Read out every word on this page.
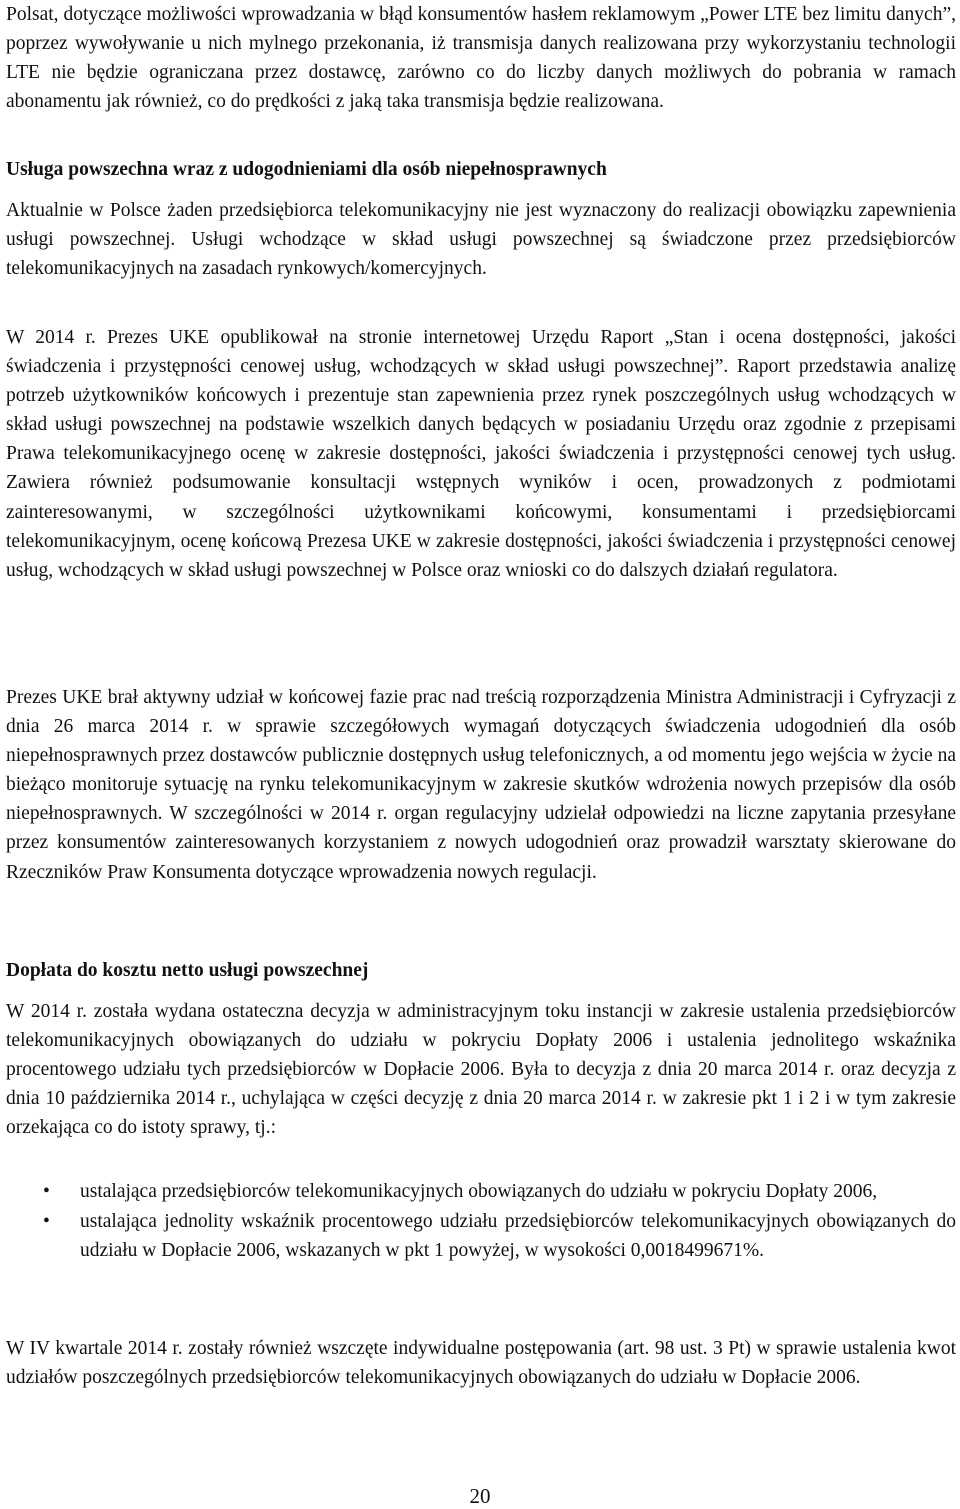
Polsat, dotyczące możliwości wprowadzania w błąd konsumentów hasłem reklamowym „Power LTE bez limitu danych”, poprzez wywoływanie u nich mylnego przekonania, iż transmisja danych realizowana przy wykorzystaniu technologii LTE nie będzie ograniczana przez dostawcę, zarówno co do liczby danych możliwych do pobrania w ramach abonamentu jak również, co do prędkości z jaką taka transmisja będzie realizowana.

Usługa powszechna wraz z udogodnieniami dla osób niepełnosprawnych

Aktualnie w Polsce żaden przedsiębiorca telekomunikacyjny nie jest wyznaczony do realizacji obowiązku zapewnienia usługi powszechnej. Usługi wchodzące w skład usługi powszechnej są świadczone przez przedsiębiorców telekomunikacyjnych na zasadach rynkowych/komercyjnych.

W 2014 r. Prezes UKE opublikował na stronie internetowej Urzędu Raport „Stan i ocena dostępności, jakości świadczenia i przystępności cenowej usług, wchodzących w skład usługi powszechnej”. Raport przedstawia analizę potrzeb użytkowników końcowych i prezentuje stan zapewnienia przez rynek poszczególnych usług wchodzących w skład usługi powszechnej na podstawie wszelkich danych będących w posiadaniu Urzędu oraz zgodnie z przepisami Prawa telekomunikacyjnego ocenę w zakresie dostępności, jakości świadczenia i przystępności cenowej tych usług. Zawiera również podsumowanie konsultacji wstępnych wyników i ocen, prowadzonych z podmiotami zainteresowanymi, w szczególności użytkownikami końcowymi, konsumentami i przedsiębiorcami telekomunikacyjnym, ocenę końcową Prezesa UKE w zakresie dostępności, jakości świadczenia i przystępności cenowej usług, wchodzących w skład usługi powszechnej w Polsce oraz wnioski co do dalszych działań regulatora.

Prezes UKE brał aktywny udział w końcowej fazie prac nad treścią rozporządzenia Ministra Administracji i Cyfryzacji z dnia 26 marca 2014 r. w sprawie szczegółowych wymagań dotyczących świadczenia udogodnień dla osób niepełnosprawnych przez dostawców publicznie dostępnych usług telefonicznych, a od momentu jego wejścia w życie na bieżąco monitoruje sytuację na rynku telekomunikacyjnym w zakresie skutków wdrożenia nowych przepisów dla osób niepełnosprawnych. W szczególności w 2014 r. organ regulacyjny udzielał odpowiedzi na liczne zapytania przesyłane przez konsumentów zainteresowanych korzystaniem z nowych udogodnień oraz prowadził warsztaty skierowane do Rzeczników Praw Konsumenta dotyczące wprowadzenia nowych regulacji.

Dopłata do kosztu netto usługi powszechnej

W 2014 r. została wydana ostateczna decyzja w administracyjnym toku instancji w zakresie ustalenia przedsiębiorców telekomunikacyjnych obowiązanych do udziału w pokryciu Dopłaty 2006 i ustalenia jednolitego wskaźnika procentowego udziału tych przedsiębiorców w Dopłacie 2006. Była to decyzja z dnia 20 marca 2014 r. oraz decyzja z dnia 10 października 2014 r., uchylająca w części decyzję z dnia 20 marca 2014 r. w zakresie pkt 1 i 2 i w tym zakresie orzekająca co do istoty sprawy, tj.:

• ustalająca przedsiębiorców telekomunikacyjnych obowiązanych do udziału w pokryciu Dopłaty 2006,
• ustalająca jednolity wskaźnik procentowego udziału przedsiębiorców telekomunikacyjnych obowiązanych do udziału w Dopłacie 2006, wskazanych w pkt 1 powyżej, w wysokości 0,0018499671%.

W IV kwartale 2014 r. zostały również wszczęte indywidualne postępowania (art. 98 ust. 3 Pt) w sprawie ustalenia kwot udziałów poszczególnych przedsiębiorców telekomunikacyjnych obowiązanych do udziału w Dopłacie 2006.

20
